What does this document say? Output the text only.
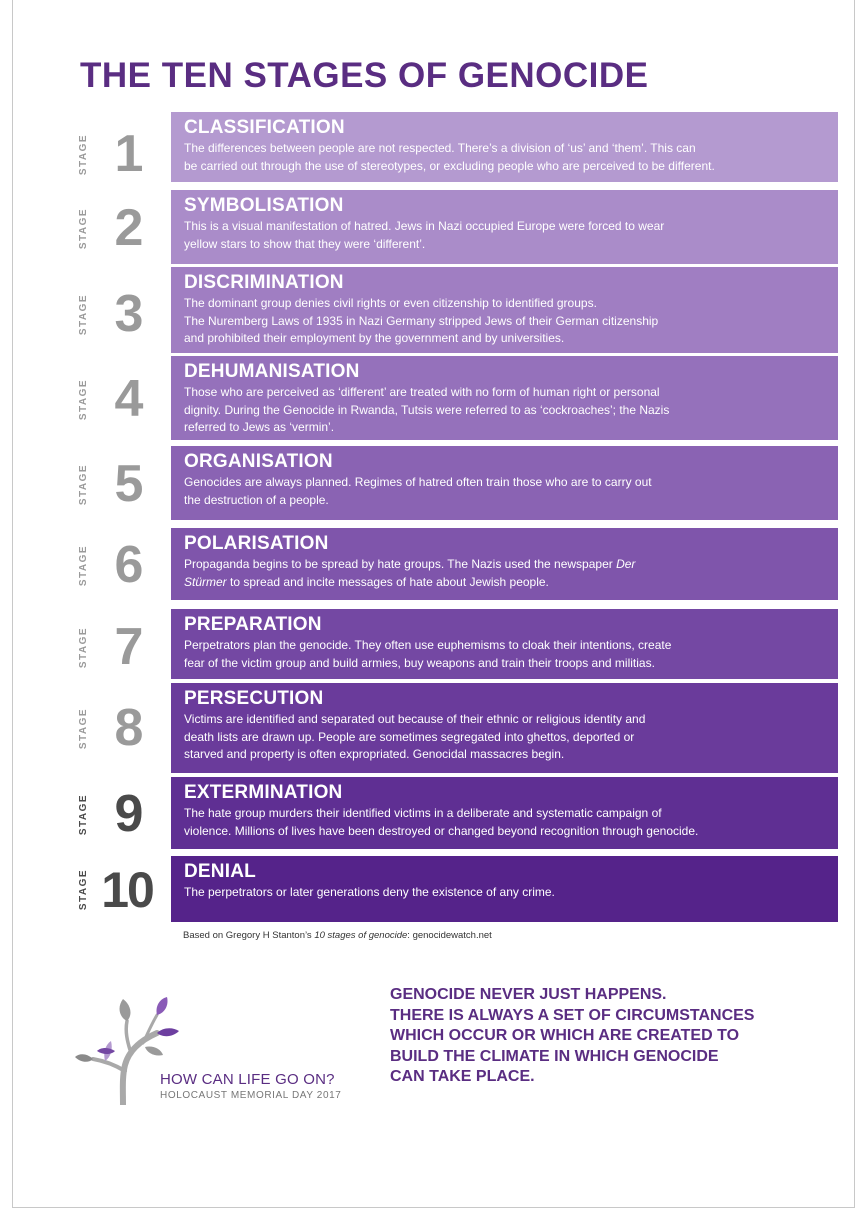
THE TEN STAGES OF GENOCIDE
STAGE 1	CLASSIFICATION
The differences between people are not respected. There’s a division of ‘us’ and ‘them’. This can
be carried out through the use of stereotypes, or excluding people who are perceived to be different.
STAGE 2	SYMBOLISATION
This is a visual manifestation of hatred. Jews in Nazi occupied Europe were forced to wear
yellow stars to show that they were ‘different’.
STAGE 3
DISCRIMINATION
The dominant group denies civil rights or even citizenship to identified groups.
The Nuremberg Laws of 1935 in Nazi Germany stripped Jews of their German citizenship
and prohibited their employment by the government and by universities.
STAGE 4	DEHUMANISATION
Those who are perceived as ‘different’ are treated with no form of human right or personal
dignity. During the Genocide in Rwanda, Tutsis were referred to as ‘cockroaches’; the Nazis
referred to Jews as ‘vermin’.
STAGE 5	ORGANISATION
Genocides are always planned. Regimes of hatred often train those who are to carry out
the destruction of a people.
STAGE 6	POLARISATION
Propaganda begins to be spread by hate groups. The Nazis used the newspaper Der
Stürmer to spread and incite messages of hate about Jewish people.
STAGE 7	PREPARATION
Perpetrators plan the genocide. They often use euphemisms to cloak their intentions, create
fear of the victim group and build armies, buy weapons and train their troops and militias.
STAGE 8
PERSECUTION
Victims are identified and separated out because of their ethnic or religious identity and
death lists are drawn up. People are sometimes segregated into ghettos, deported or
starved and property is often expropriated. Genocidal massacres begin.
STAGE 9	EXTERMINATION
The hate group murders their identified victims in a deliberate and systematic campaign of
violence. Millions of lives have been destroyed or changed beyond recognition through genocide.
STAGE 10	DENIAL
The perpetrators or later generations deny the existence of any crime.
Based on Gregory H Stanton’s 10 stages of genocide: genocidewatch.net
HOW CAN LIFE GO ON?
HOLOCAUST MEMORIAL DAY 2017
GENOCIDE NEVER JUST HAPPENS.
THERE IS ALWAYS A SET OF CIRCUMSTANCES
WHICH OCCUR OR WHICH ARE CREATED TO
BUILD THE CLIMATE IN WHICH GENOCIDE
CAN TAKE PLACE.
